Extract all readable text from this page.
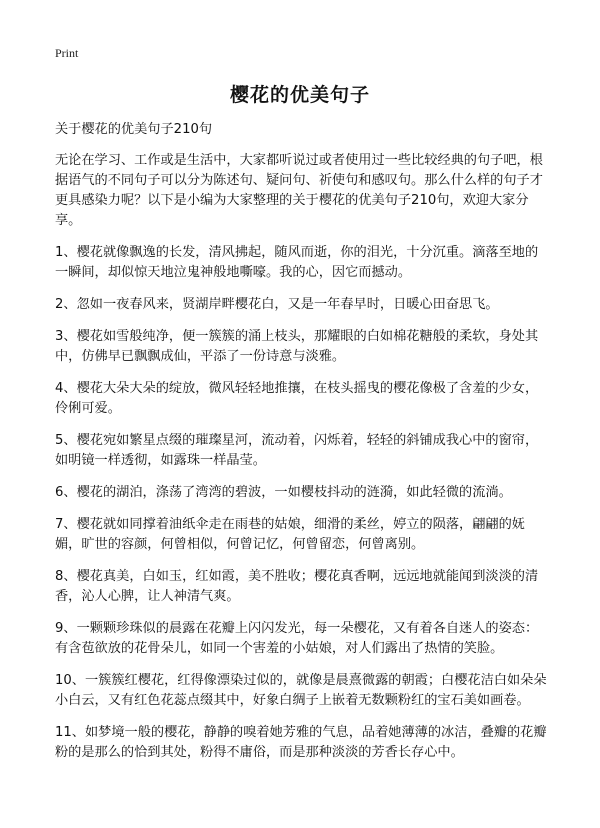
Print
樱花的优美句子

关于樱花的优美句子210句

无论在学习、工作或是生活中，大家都听说过或者使用过一些比较经典的句子吧，根据语气的不同句子可以分为陈述句、疑问句、祈使句和感叹句。那么什么样的句子才更具感染力呢？以下是小编为大家整理的关于樱花的优美句子210句，欢迎大家分享。

1、樱花就像飘逸的长发，清风拂起，随风而逝，你的泪光，十分沉重。滴落至地的一瞬间，却似惊天地泣鬼神般地嘶嚎。我的心，因它而撼动。

2、忽如一夜春风来，贤湖岸畔樱花白，又是一年春早时，日暖心田奋思飞。

3、樱花如雪般纯净，便一簇簇的涌上枝头，那耀眼的白如棉花糖般的柔软，身处其中，仿佛早已飘飘成仙，平添了一份诗意与淡雅。

4、樱花大朵大朵的绽放，微风轻轻地推攘，在枝头摇曳的樱花像极了含羞的少女，伶俐可爱。

5、樱花宛如繁星点缀的璀璨星河，流动着，闪烁着，轻轻的斜铺成我心中的窗帘，如明镜一样透彻，如露珠一样晶莹。

6、樱花的湖泊，涤荡了湾湾的碧波，一如樱枝抖动的涟漪，如此轻微的流淌。

7、樱花就如同撑着油纸伞走在雨巷的姑娘，细滑的柔丝，婷立的陨落，翩翩的妩媚，旷世的容颜，何曾相似，何曾记忆，何曾留恋，何曾离别。

8、樱花真美，白如玉，红如霞，美不胜收；樱花真香啊，远远地就能闻到淡淡的清香，沁人心脾，让人神清气爽。

9、一颗颗珍珠似的晨露在花瓣上闪闪发光，每一朵樱花，又有着各自迷人的姿态：有含苞欲放的花骨朵儿，如同一个害羞的小姑娘，对人们露出了热情的笑脸。

10、一簇簇红樱花，红得像漂染过似的，就像是晨熹微露的朝霞；白樱花洁白如朵朵小白云，又有红色花蕊点缀其中，好象白绸子上嵌着无数颗粉红的宝石美如画卷。

11、如梦境一般的樱花，静静的嗅着她芳雅的气息，品着她薄薄的冰洁，叠瓣的花瓣粉的是那么的恰到其处，粉得不庸俗，而是那种淡淡的芳香长存心中。
